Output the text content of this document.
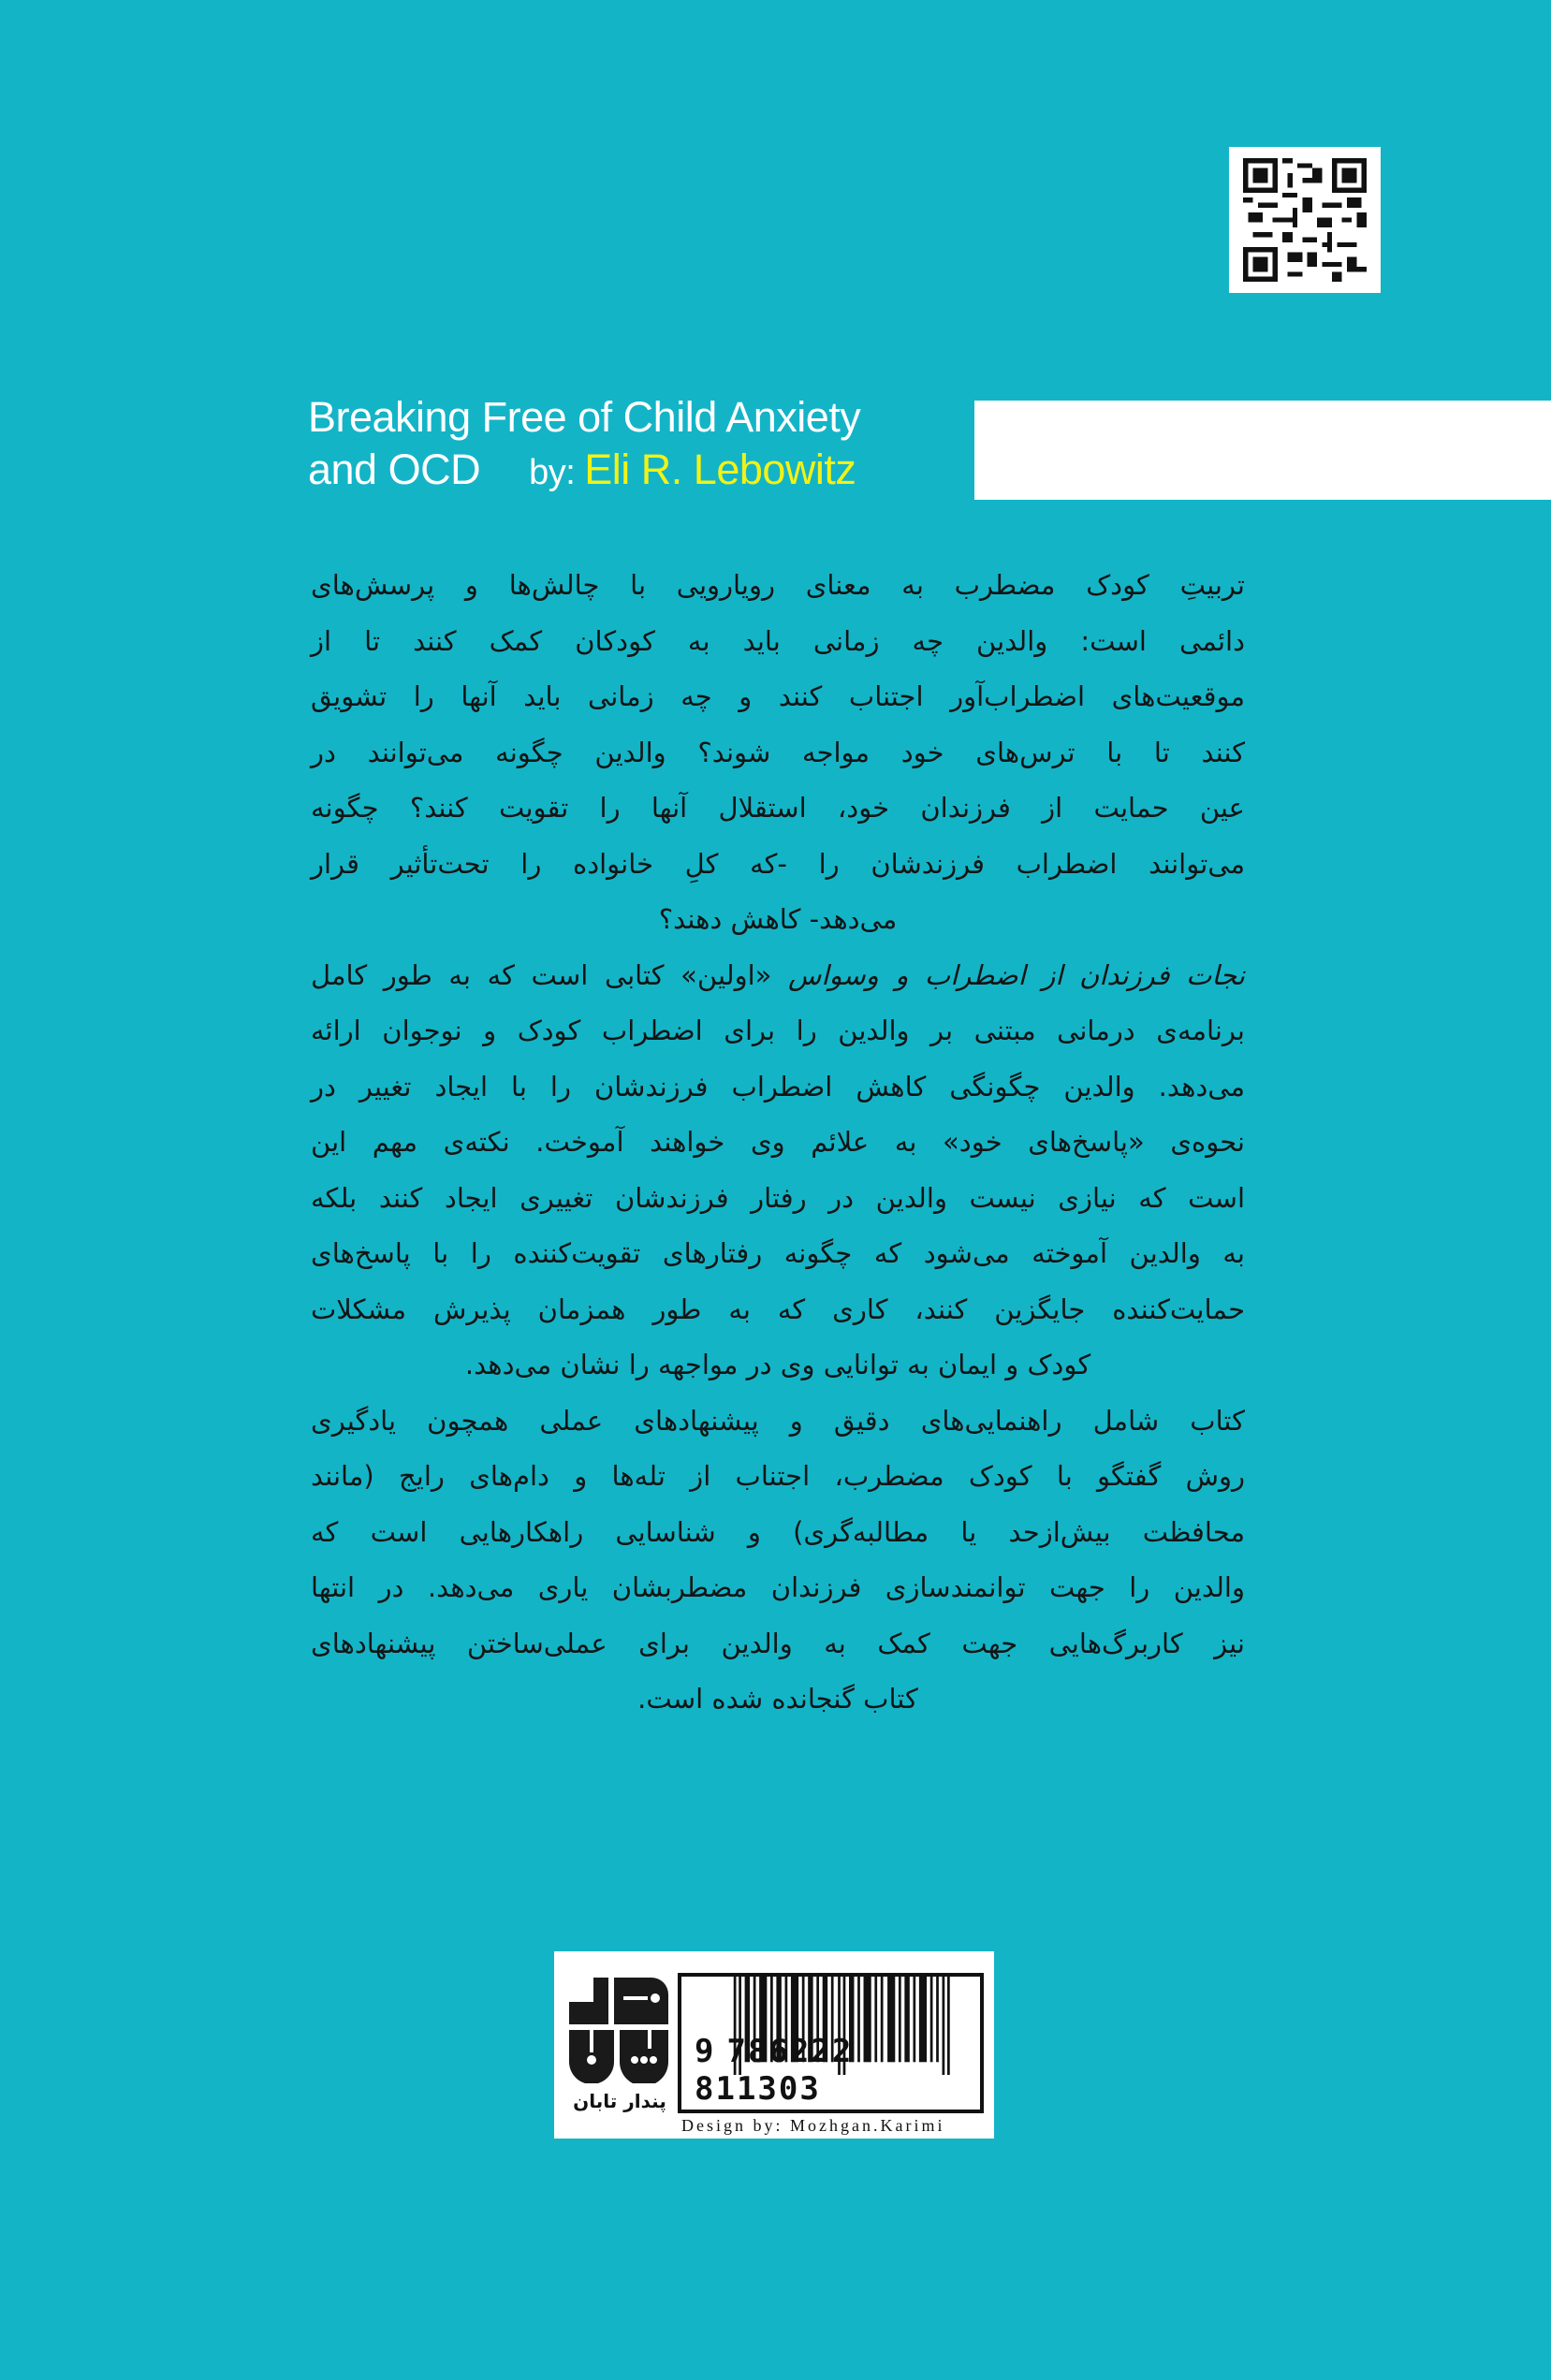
Breaking Free of Child Anxiety
and OCD by: Eli R. Lebowitz
تربیتِ کودک مضطرب به معنای رویارویی با چالش‌ها و پرسش‌های
دائمی است: والدین چه زمانی باید به کودکان کمک کنند تا از
موقعیت‌های اضطراب‌آور اجتناب کنند و چه زمانی باید آنها را تشویق
کنند تا با ترس‌های خود مواجه شوند؟ والدین چگونه می‌توانند در
عین حمایت از فرزندان خود، استقلال آنها را تقویت کنند؟ چگونه
می‌توانند اضطراب فرزندشان را -که کلِ خانواده را تحت‌تأثیر قرار
می‌دهد- کاهش دهند؟
نجات فرزندان از اضطراب و وسواس «اولین» کتابی است که به طور کامل
برنامه‌ی درمانی مبتنی بر والدین را برای اضطراب کودک و نوجوان ارائه
می‌دهد. والدین چگونگی کاهش اضطراب فرزندشان را با ایجاد تغییر در
نحوه‌ی «پاسخ‌های خود» به علائم وی خواهند آموخت. نکته‌ی مهم این
است که نیازی نیست والدین در رفتار فرزندشان تغییری ایجاد کنند بلکه
به والدین آموخته می‌شود که چگونه رفتارهای تقویت‌کننده را با پاسخ‌های
حمایت‌کننده جایگزین کنند، کاری که به طور همزمان پذیرش مشکلات
کودک و ایمان به توانایی وی در مواجهه را نشان می‌دهد.
کتاب شامل راهنمایی‌های دقیق و پیشنهادهای عملی همچون یادگیری
روش گفتگو با کودک مضطرب، اجتناب از تله‌ها و دام‌های رایج (مانند
محافظت بیش‌ازحد یا مطالبه‌گری) و شناسایی راهکارهایی است که
والدین را جهت توانمندسازی فرزندان مضطربشان یاری می‌دهد. در انتها
نیز کاربرگ‌هایی جهت کمک به والدین برای عملی‌ساختن پیشنهادهای
کتاب گنجانده شده است.
پندار تابان
9 786222811303
Design by: Mozhgan.Karimi
